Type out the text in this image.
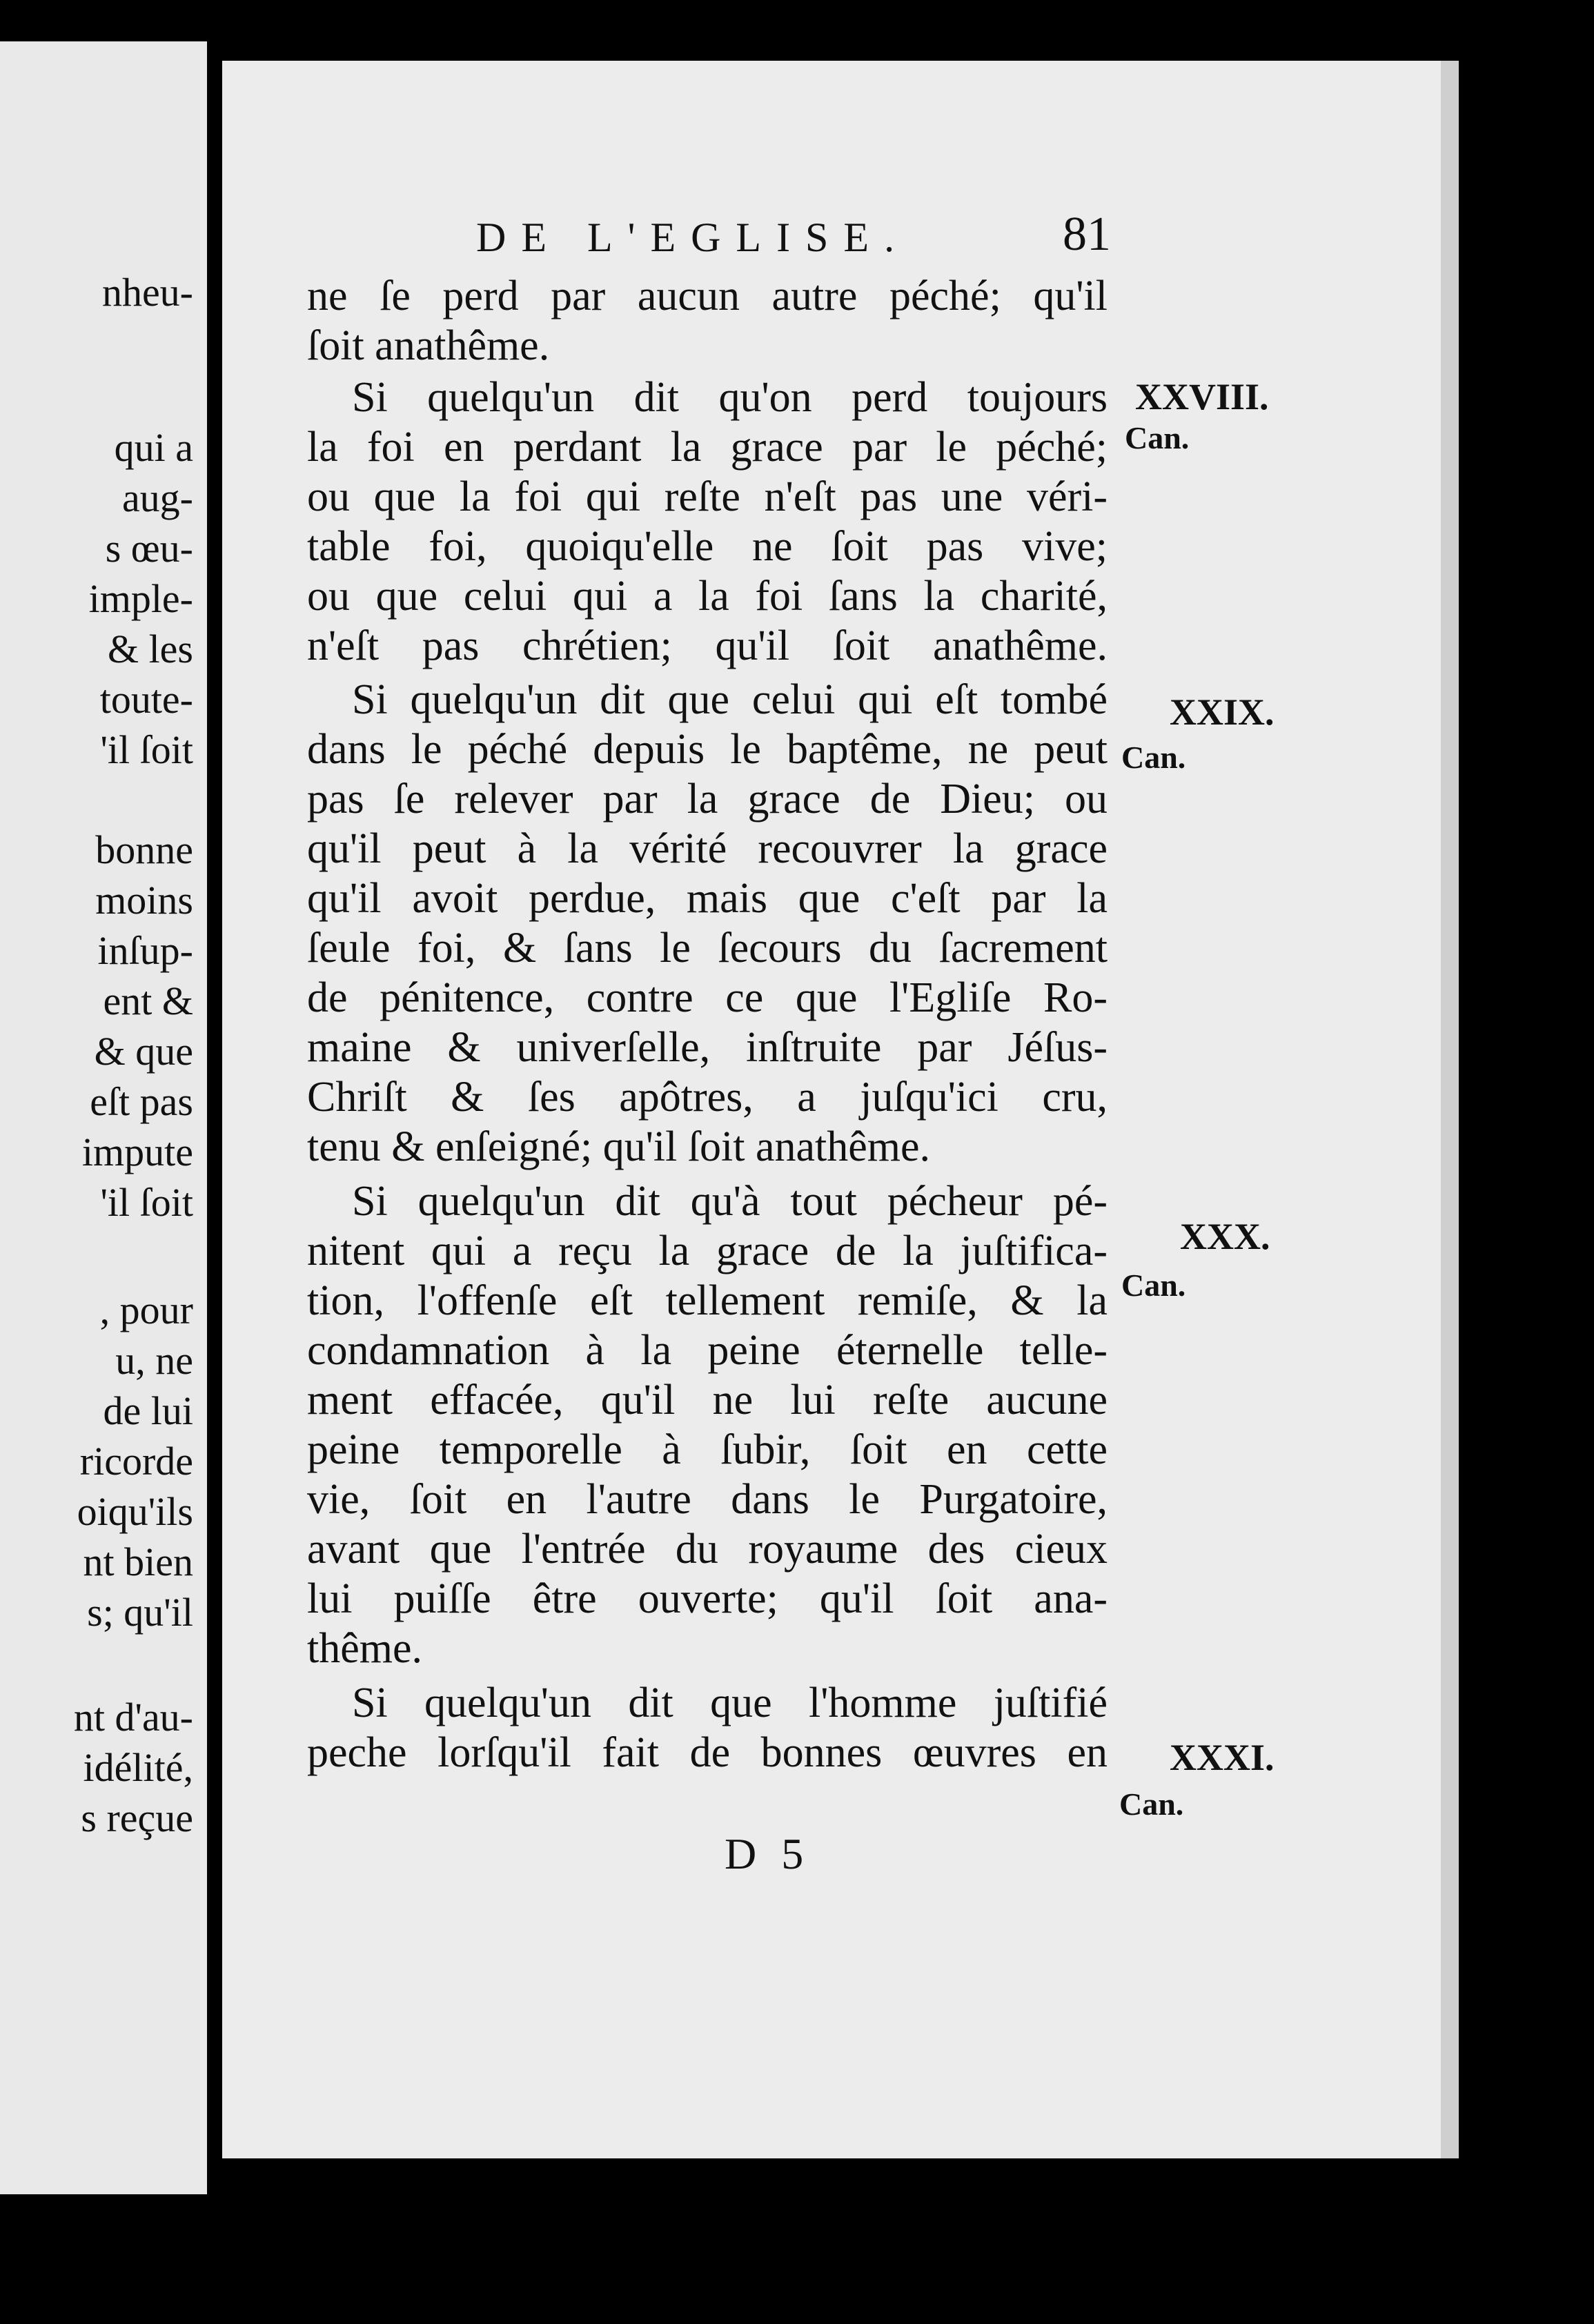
nheu-
qui a
aug-
s œu-
imple-
& les
toute-
'il ſoit
bonne
moins
inſup-
ent &
& que
eſt pas
impute
'il ſoit
, pour
u, ne
de lui
ricorde
oiqu'ils
nt bien
s; qu'il
nt d'au-
idélité,
s reçue
DE L'EGLISE.	81
ne ſe perd par aucun autre péché; qu'il
ſoit anathême.
Si quelqu'un dit qu'on perd toujours
la foi en perdant la grace par le péché;
ou que la foi qui reſte n'eſt pas une véri-
table foi, quoiqu'elle ne ſoit pas vive;
ou que celui qui a la foi ſans la charité,
n'eſt pas chrétien; qu'il ſoit anathême.
Si quelqu'un dit que celui qui eſt tombé
dans le péché depuis le baptême, ne peut
pas ſe relever par la grace de Dieu; ou
qu'il peut à la vérité recouvrer la grace
qu'il avoit perdue, mais que c'eſt par la
ſeule foi, & ſans le ſecours du ſacrement
de pénitence, contre ce que l'Egliſe Ro-
maine & univerſelle, inſtruite par Jéſus-
Chriſt & ſes apôtres, a juſqu'ici cru,
tenu & enſeigné; qu'il ſoit anathême.
Si quelqu'un dit qu'à tout pécheur pé-
nitent qui a reçu la grace de la juſtifica-
tion, l'offenſe eſt tellement remiſe, & la
condamnation à la peine éternelle telle-
ment effacée, qu'il ne lui reſte aucune
peine temporelle à ſubir, ſoit en cette
vie, ſoit en l'autre dans le Purgatoire,
avant que l'entrée du royaume des cieux
lui puiſſe être ouverte; qu'il ſoit ana-
thême.
Si quelqu'un dit que l'homme juſtifié
peche lorſqu'il fait de bonnes œuvres en
XXVIII.
Can.
XXIX.
Can.
XXX.
Can.
XXXI.
Can.
D 5
